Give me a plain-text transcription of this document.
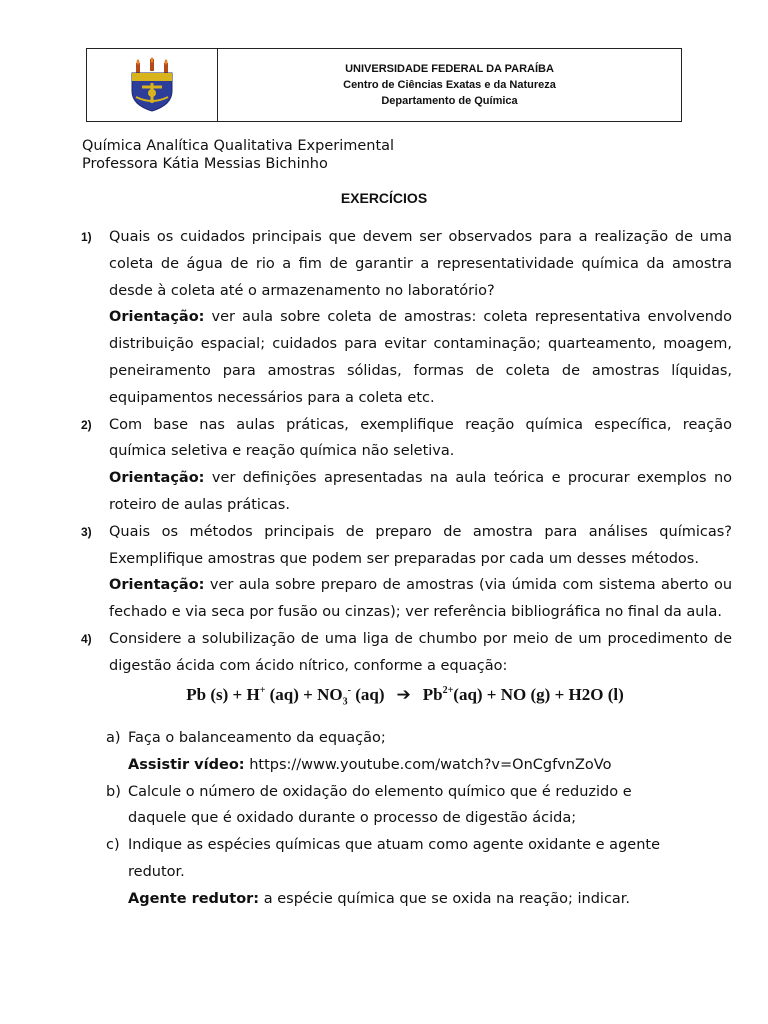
UNIVERSIDADE FEDERAL DA PARAÍBA
Centro de Ciências Exatas e da Natureza
Departamento de Química
Química Analítica Qualitativa Experimental
Professora Kátia Messias Bichinho
EXERCÍCIOS
1)	Quais os cuidados principais que devem ser observados para a realização de uma coleta de água de rio a fim de garantir a representatividade química da amostra desde à coleta até o armazenamento no laboratório?
Orientação: ver aula sobre coleta de amostras: coleta representativa envolvendo distribuição espacial; cuidados para evitar contaminação; quarteamento, moagem, peneiramento para amostras sólidas, formas de coleta de amostras líquidas, equipamentos necessários para a coleta etc.
2)	Com base nas aulas práticas, exemplifique reação química específica, reação química seletiva e reação química não seletiva.
Orientação: ver definições apresentadas na aula teórica e procurar exemplos no roteiro de aulas práticas.
3)	Quais os métodos principais de preparo de amostra para análises químicas? Exemplifique amostras que podem ser preparadas por cada um desses métodos.
Orientação: ver aula sobre preparo de amostras (via úmida com sistema aberto ou fechado e via seca por fusão ou cinzas); ver referência bibliográfica no final da aula.
4)	Considere a solubilização de uma liga de chumbo por meio de um procedimento de digestão ácida com ácido nítrico, conforme a equação:
Pb (s) + H+ $(aq) + NO_3^-$ (aq) ➔ $Pb^{2+}(aq)$ + NO (g) + H2O (l)
a) Faça o balanceamento da equação;
Assistir vídeo: https://www.youtube.com/watch?v=OnCgfvnZoVo
b) Calcule o número de oxidação do elemento químico que é reduzido e
daquele que é oxidado durante o processo de digestão ácida;
c) Indique as espécies químicas que atuam como agente oxidante e agente
redutor.
Agente redutor: a espécie química que se oxida na reação; indicar.
